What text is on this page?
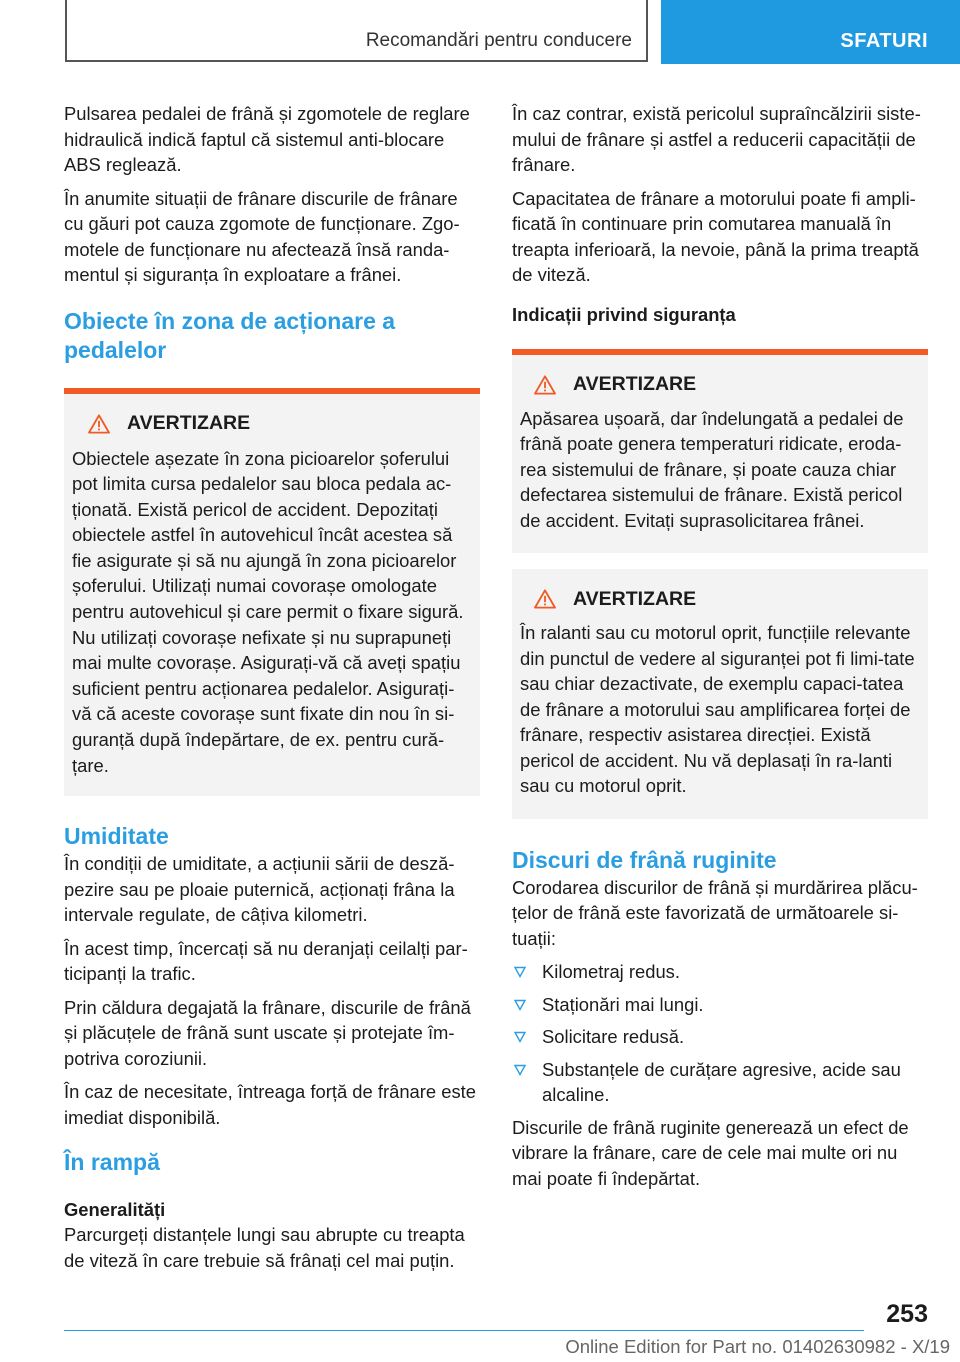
Recomandări pentru conducere	SFATURI

Pulsarea pedalei de frână și zgomotele de reglare hidraulică indică faptul că sistemul anti-blocare ABS reglează.

În anumite situații de frânare discurile de frânare cu găuri pot cauza zgomote de funcționare. Zgo-motele de funcționare nu afectează însă randa-mentul și siguranța în exploatare a frânei.

Obiecte în zona de acționare a pedalelor
AVERTIZARE

Obiectele așezate în zona picioarelor șoferului pot limita cursa pedalelor sau bloca pedala ac-ționată. Există pericol de accident. Depozitați obiectele astfel în autovehicul încât acestea să fie asigurate și să nu ajungă în zona picioarelor șoferului. Utilizați numai covorașe omologate pentru autovehicul și care permit o fixare sigură. Nu utilizați covorașe nefixate și nu suprapuneți mai multe covorașe. Asigurați-vă că aveți spațiu suficient pentru acționarea pedalelor. Asigurați-vă că aceste covorașe sunt fixate din nou în si-guranță după îndepărtare, de ex. pentru cură-țare.

Umiditate

În condiții de umiditate, a acțiunii sării de desză-pezire sau pe ploaie puternică, acționați frâna la intervale regulate, de câțiva kilometri.

În acest timp, încercați să nu deranjați ceilalți par-ticipanți la trafic.

Prin căldura degajată la frânare, discurile de frână și plăcuțele de frână sunt uscate și protejate îm-potriva coroziunii.

În caz de necesitate, întreaga forță de frânare este imediat disponibilă.

În rampă
Generalități

Parcurgeți distanțele lungi sau abrupte cu treapta de viteză în care trebuie să frânați cel mai puțin.

În caz contrar, există pericolul supraîncălzirii siste-mului de frânare și astfel a reducerii capacității de frânare.

Capacitatea de frânare a motorului poate fi ampli-ficată în continuare prin comutarea manuală în treapta inferioară, la nevoie, până la prima treaptă de viteză.

Indicații privind siguranța
AVERTIZARE

Apăsarea ușoară, dar îndelungată a pedalei de frână poate genera temperaturi ridicate, eroda-rea sistemului de frânare, și poate cauza chiar defectarea sistemului de frânare. Există pericol de accident. Evitați suprasolicitarea frânei.

AVERTIZARE

În ralanti sau cu motorul oprit, funcțiile relevante din punctul de vedere al siguranței pot fi limi-tate sau chiar dezactivate, de exemplu capaci-tatea de frânare a motorului sau amplificarea forței de frânare, respectiv asistarea direcției. Există pericol de accident. Nu vă deplasați în ra-lanti sau cu motorul oprit.

Discuri de frână ruginite

Corodarea discurilor de frână și murdărirea plăcu-țelor de frână este favorizată de următoarele si-tuații:

Kilometraj redus.
Staționări mai lungi.
Solicitare redusă.
Substanțele de curățare agresive, acide sau alcaline.

Discurile de frână ruginite generează un efect de vibrare la frânare, care de cele mai multe ori nu mai poate fi îndepărtat.

253
Online Edition for Part no. 01402630982 - X/19
